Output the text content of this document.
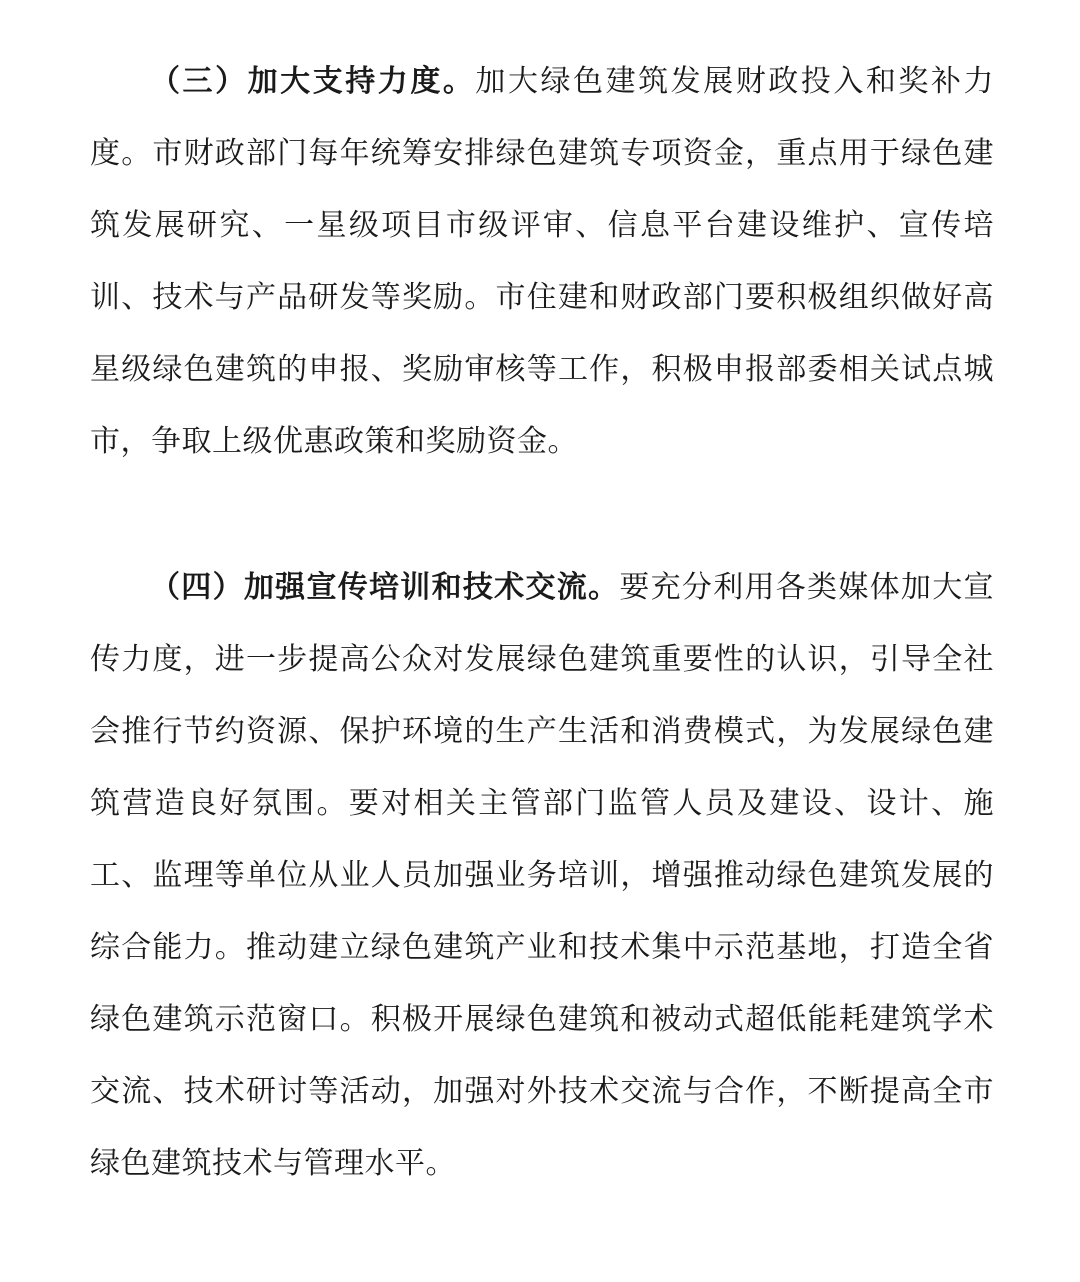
（三）加大支持力度。加大绿色建筑发展财政投入和奖补力度。市财政部门每年统筹安排绿色建筑专项资金，重点用于绿色建筑发展研究、一星级项目市级评审、信息平台建设维护、宣传培训、技术与产品研发等奖励。市住建和财政部门要积极组织做好高星级绿色建筑的申报、奖励审核等工作，积极申报部委相关试点城市，争取上级优惠政策和奖励资金。

（四）加强宣传培训和技术交流。要充分利用各类媒体加大宣传力度，进一步提高公众对发展绿色建筑重要性的认识，引导全社会推行节约资源、保护环境的生产生活和消费模式，为发展绿色建筑营造良好氛围。要对相关主管部门监管人员及建设、设计、施工、监理等单位从业人员加强业务培训，增强推动绿色建筑发展的综合能力。推动建立绿色建筑产业和技术集中示范基地，打造全省绿色建筑示范窗口。积极开展绿色建筑和被动式超低能耗建筑学术交流、技术研讨等活动，加强对外技术交流与合作，不断提高全市绿色建筑技术与管理水平。
